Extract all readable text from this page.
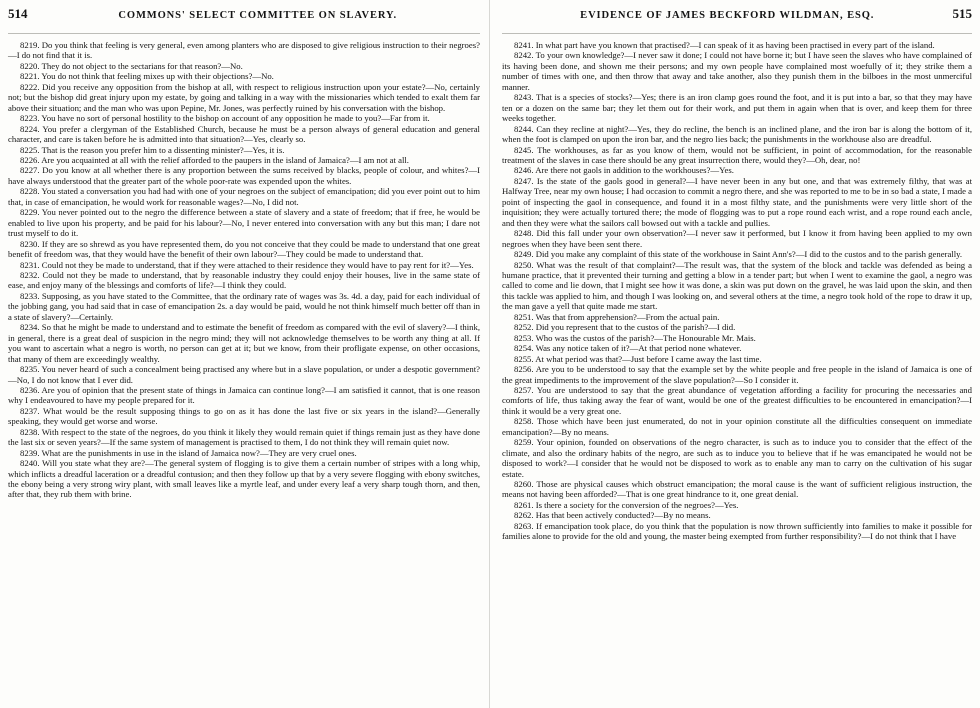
514	COMMONS' SELECT COMMITTEE ON SLAVERY.

8219. Do you think that feeling is very general, even among planters who are disposed to give religious instruction to their negroes?—I do not find that it is.

8220. They do not object to the sectarians for that reason?—No.

8221. You do not think that feeling mixes up with their objections?—No.

8222. Did you receive any opposition from the bishop at all, with respect to religious instruction upon your estate?—No, certainly not; but the bishop did great injury upon my estate, by going and talking in a way with the missionaries which tended to exalt them far above their situation; and the man who was upon Pepine, Mr. Jones, was perfectly ruined by his conversation with the bishop.

8223. You have no sort of personal hostility to the bishop on account of any opposition he made to you?—Far from it.

8224. You prefer a clergyman of the Established Church, because he must be a person always of general education and general character, and care is taken before he is admitted into that situation?—Yes, clearly so.

8225. That is the reason you prefer him to a dissenting minister?—Yes, it is.

8226. Are you acquainted at all with the relief afforded to the paupers in the island of Jamaica?—I am not at all.

8227. Do you know at all whether there is any proportion between the sums received by blacks, people of colour, and whites?—I have always understood that the greater part of the whole poor-rate was expended upon the whites.

8228. You stated a conversation you had had with one of your negroes on the subject of emancipation; did you ever point out to him that, in case of emancipation, he would work for reasonable wages?—No, I did not.

8229. You never pointed out to the negro the difference between a state of slavery and a state of freedom; that if free, he would be enabled to live upon his property, and be paid for his labour?—No, I never entered into conversation with any but this man; I dare not trust myself to do it.

8230. If they are so shrewd as you have represented them, do you not conceive that they could be made to understand that one great benefit of freedom was, that they would have the benefit of their own labour?—They could be made to understand that.

8231. Could not they be made to understand, that if they were attached to their residence they would have to pay rent for it?—Yes.

8232. Could not they be made to understand, that by reasonable industry they could enjoy their houses, live in the same state of ease, and enjoy many of the blessings and comforts of life?—I think they could.

8233. Supposing, as you have stated to the Committee, that the ordinary rate of wages was 3s. 4d. a day, paid for each individual of the jobbing gang, you had said that in case of emancipation 2s. a day would be paid, would he not think himself much better off than in a state of slavery?—Certainly.

8234. So that he might be made to understand and to estimate the benefit of freedom as compared with the evil of slavery?—I think, in general, there is a great deal of suspicion in the negro mind; they will not acknowledge themselves to be worth any thing at all. If you want to ascertain what a negro is worth, no person can get at it; but we know, from their profligate expense, on other occasions, that many of them are exceedingly wealthy.

8235. You never heard of such a concealment being practised any where but in a slave population, or under a despotic government?—No, I do not know that I ever did.

8236. Are you of opinion that the present state of things in Jamaica can continue long?—I am satisfied it cannot, that is one reason why I endeavoured to have my people prepared for it.

8237. What would be the result supposing things to go on as it has done the last five or six years in the island?—Generally speaking, they would get worse and worse.

8238. With respect to the state of the negroes, do you think it likely they would remain quiet if things remain just as they have done the last six or seven years?—If the same system of management is practised to them, I do not think they will remain quiet now.

8239. What are the punishments in use in the island of Jamaica now?—They are very cruel ones.

8240. Will you state what they are?—The general system of flogging is to give them a certain number of stripes with a long whip, which inflicts a dreadful laceration or a dreadful contusion; and then they follow up that by a very severe flogging with ebony switches, the ebony being a very strong wiry plant, with small leaves like a myrtle leaf, and under every leaf a very sharp tough thorn, and then, after that, they rub them with brine.

EVIDENCE OF JAMES BECKFORD WILDMAN, ESQ.	515

8241. In what part have you known that practised?—I can speak of it as having been practised in every part of the island.

8242. To your own knowledge?—I never saw it done; I could not have borne it; but I have seen the slaves who have complained of its having been done, and shown me their persons; and my own people have complained most woefully of it; they strike them a number of times with one, and then throw that away and take another, also they punish them in the bilboes in the most unmerciful manner.

8243. That is a species of stocks?—Yes; there is an iron clamp goes round the foot, and it is put into a bar, so that they may have ten or a dozen on the same bar; they let them out for their work, and put them in again when that is over, and keep them for three weeks together.

8244. Can they recline at night?—Yes, they do recline, the bench is an inclined plane, and the iron bar is along the bottom of it, when the foot is clamped on upon the iron bar, and the negro lies back; the punishments in the workhouse also are dreadful.

8245. The workhouses, as far as you know of them, would not be sufficient, in point of accommodation, for the reasonable treatment of the slaves in case there should be any great insurrection there, would they?—Oh, dear, no!

8246. Are there not gaols in addition to the workhouses?—Yes.

8247. Is the state of the gaols good in general?—I have never been in any but one, and that was extremely filthy, that was at Halfway Tree, near my own house; I had occasion to commit a negro there, and she was reported to me to be in so bad a state, I made a point of inspecting the gaol in consequence, and found it in a most filthy state, and the punishments were very little short of the inquisition; they were actually tortured there; the mode of flogging was to put a rope round each wrist, and a rope round each ancle, and then they were what the sailors call bowsed out with a tackle and pullies.

8248. Did this fall under your own observation?—I never saw it performed, but I know it from having been applied to my own negroes when they have been sent there.

8249. Did you make any complaint of this state of the workhouse in Saint Ann's?—I did to the custos and to the parish generally.

8250. What was the result of that complaint?—The result was, that the system of the block and tackle was defended as being a humane practice, that it prevented their turning and getting a blow in a tender part; but when I went to examine the gaol, a negro was called to come and lie down, that I might see how it was done, a skin was put down on the gravel, he was laid upon the skin, and then this tackle was applied to him, and though I was looking on, and several others at the time, a negro took hold of the rope to draw it up, the man gave a yell that quite made me start.

8251. Was that from apprehension?—From the actual pain.

8252. Did you represent that to the custos of the parish?—I did.

8253. Who was the custos of the parish?—The Honourable Mr. Mais.

8254. Was any notice taken of it?—At that period none whatever.

8255. At what period was that?—Just before I came away the last time.

8256. Are you to be understood to say that the example set by the white people and free people in the island of Jamaica is one of the great impediments to the improvement of the slave population?—So I consider it.

8257. You are understood to say that the great abundance of vegetation affording a facility for procuring the necessaries and comforts of life, thus taking away the fear of want, would be one of the greatest difficulties to be encountered in emancipation?—I think it would be a very great one.

8258. Those which have been just enumerated, do not in your opinion constitute all the difficulties consequent on immediate emancipation?—By no means.

8259. Your opinion, founded on observations of the negro character, is such as to induce you to consider that the effect of the climate, and also the ordinary habits of the negro, are such as to induce you to believe that if he was emancipated he would not be disposed to work?—I consider that he would not be disposed to work as to enable any man to carry on the cultivation of his sugar estate.

8260. Those are physical causes which obstruct emancipation; the moral cause is the want of sufficient religious instruction, the means not having been afforded?—That is one great hindrance to it, one great denial.

8261. Is there a society for the conversion of the negroes?—Yes.

8262. Has that been actively conducted?—By no means.

8263. If emancipation took place, do you think that the population is now thrown sufficiently into families to make it possible for families alone to provide for the old and young, the master being exempted from further responsibility?—I do not think that I have
